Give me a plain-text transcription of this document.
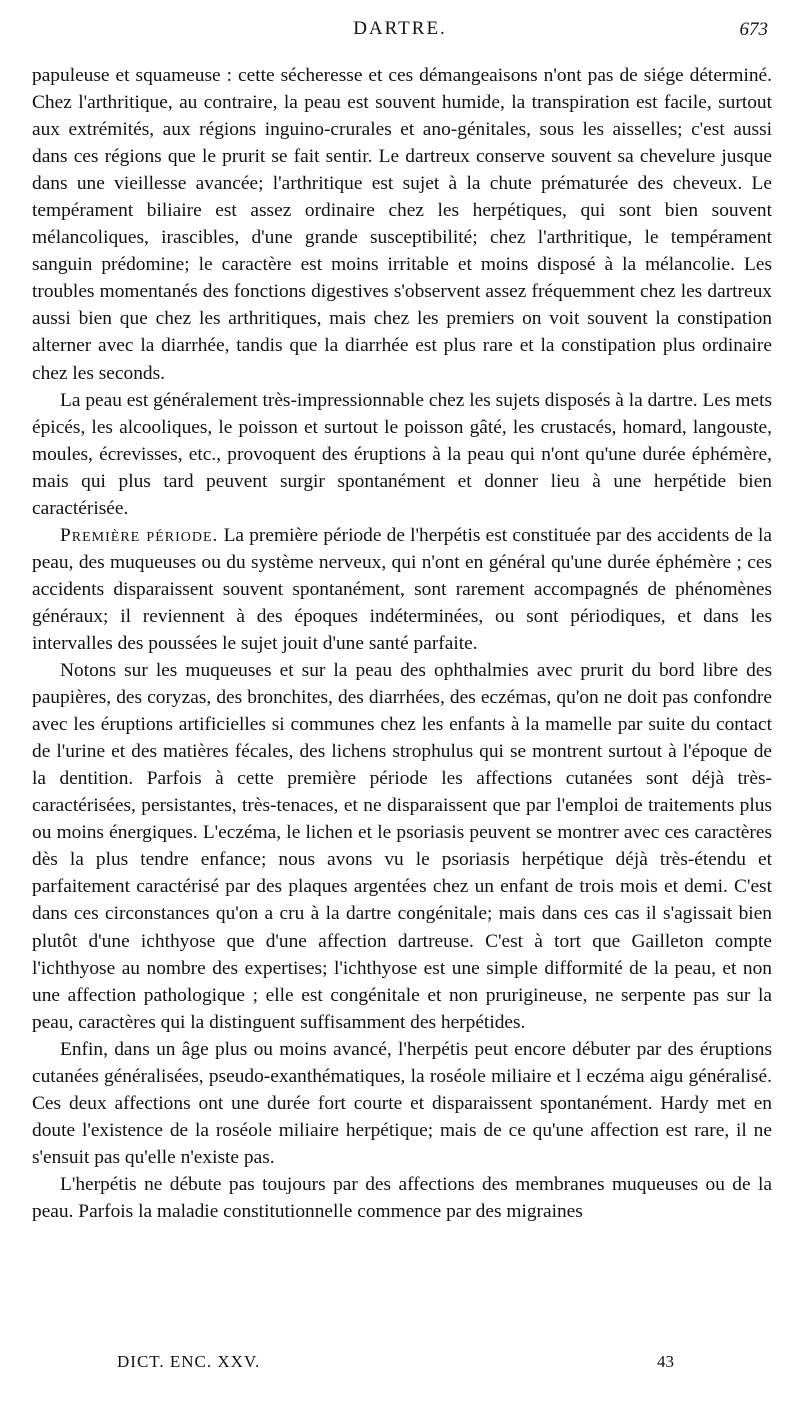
DARTRE.	673

papuleuse et squameuse : cette sécheresse et ces démangeaisons n'ont pas de siége déterminé. Chez l'arthritique, au contraire, la peau est souvent humide, la transpiration est facile, surtout aux extrémités, aux régions inguino-crurales et ano-génitales, sous les aisselles; c'est aussi dans ces régions que le prurit se fait sentir. Le dartreux conserve souvent sa chevelure jusque dans une vieillesse avancée; l'arthritique est sujet à la chute prématurée des cheveux. Le tempérament biliaire est assez ordinaire chez les herpétiques, qui sont bien souvent mélancoliques, irascibles, d'une grande susceptibilité; chez l'arthritique, le tempérament sanguin prédomine; le caractère est moins irritable et moins disposé à la mélancolie. Les troubles momentanés des fonctions digestives s'observent assez fréquemment chez les dartreux aussi bien que chez les arthritiques, mais chez les premiers on voit souvent la constipation alterner avec la diarrhée, tandis que la diarrhée est plus rare et la constipation plus ordinaire chez les seconds.

La peau est généralement très-impressionnable chez les sujets disposés à la dartre. Les mets épicés, les alcooliques, le poisson et surtout le poisson gâté, les crustacés, homard, langouste, moules, écrevisses, etc., provoquent des éruptions à la peau qui n'ont qu'une durée éphémère, mais qui plus tard peuvent surgir spontanément et donner lieu à une herpétide bien caractérisée.

Première période. La première période de l'herpétis est constituée par des accidents de la peau, des muqueuses ou du système nerveux, qui n'ont en général qu'une durée éphémère ; ces accidents disparaissent souvent spontanément, sont rarement accompagnés de phénomènes généraux; il reviennent à des époques indéterminées, ou sont périodiques, et dans les intervalles des poussées le sujet jouit d'une santé parfaite.

Notons sur les muqueuses et sur la peau des ophthalmies avec prurit du bord libre des paupières, des coryzas, des bronchites, des diarrhées, des eczémas, qu'on ne doit pas confondre avec les éruptions artificielles si communes chez les enfants à la mamelle par suite du contact de l'urine et des matières fécales, des lichens strophulus qui se montrent surtout à l'époque de la dentition. Parfois à cette première période les affections cutanées sont déjà très-caractérisées, persistantes, très-tenaces, et ne disparaissent que par l'emploi de traitements plus ou moins énergiques. L'eczéma, le lichen et le psoriasis peuvent se montrer avec ces caractères dès la plus tendre enfance; nous avons vu le psoriasis herpétique déjà très-étendu et parfaitement caractérisé par des plaques argentées chez un enfant de trois mois et demi. C'est dans ces circonstances qu'on a cru à la dartre congénitale; mais dans ces cas il s'agissait bien plutôt d'une ichthyose que d'une affection dartreuse. C'est à tort que Gailleton compte l'ichthyose au nombre des expertises; l'ichthyose est une simple difformité de la peau, et non une affection pathologique ; elle est congénitale et non prurigineuse, ne serpente pas sur la peau, caractères qui la distinguent suffisamment des herpétides.

Enfin, dans un âge plus ou moins avancé, l'herpétis peut encore débuter par des éruptions cutanées généralisées, pseudo-exanthématiques, la roséole miliaire et l eczéma aigu généralisé. Ces deux affections ont une durée fort courte et disparaissent spontanément. Hardy met en doute l'existence de la roséole miliaire herpétique; mais de ce qu'une affection est rare, il ne s'ensuit pas qu'elle n'existe pas.

L'herpétis ne débute pas toujours par des affections des membranes muqueuses ou de la peau. Parfois la maladie constitutionnelle commence par des migraines

DICT. ENC. XXV.	43
